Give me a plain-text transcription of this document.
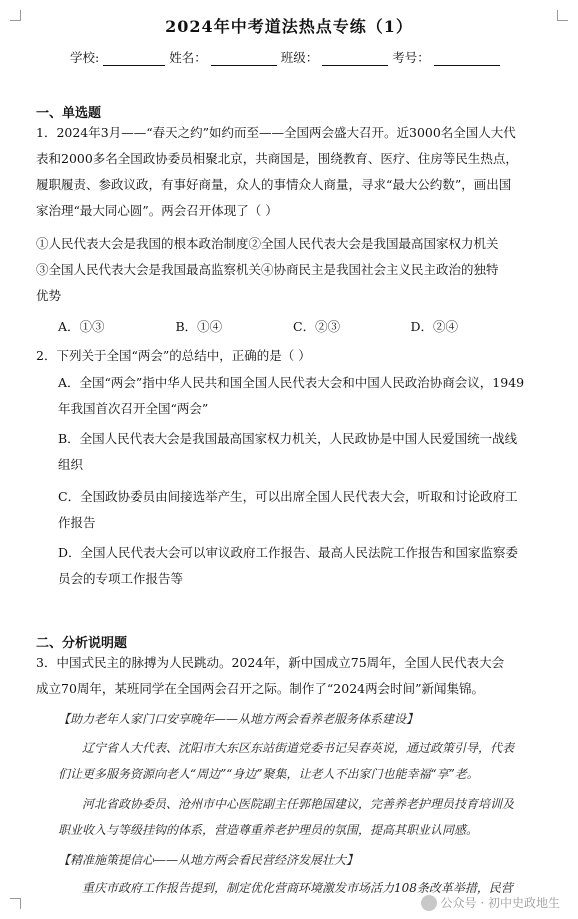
2024年中考道法热点专练（1）
学校:	姓名：	班级：	考号：
一、单选题
1．2024年3月——“春天之约”如约而至——全国两会盛大召开。近3000名全国人大代
表和2000多名全国政协委员相聚北京，共商国是，围绕教育、医疗、住房等民生热点，
履职履责、参政议政，有事好商量，众人的事情众人商量，寻求“最大公约数”，画出国
家治理“最大同心圆”。两会召开体现了（ ）
①人民代表大会是我国的根本政治制度②全国人民代表大会是我国最高国家权力机关
③全国人民代表大会是我国最高监察机关④协商民主是我国社会主义民主政治的独特
优势
A．①③	B．①④	C．②③	D．②④
2．下列关于全国“两会”的总结中，正确的是（ ）
A．全国“两会”指中华人民共和国全国人民代表大会和中国人民政治协商会议，1949
年我国首次召开全国“两会”
B．全国人民代表大会是我国最高国家权力机关，人民政协是中国人民爱国统一战线
组织
C．全国政协委员由间接选举产生，可以出席全国人民代表大会，听取和讨论政府工
作报告
D．全国人民代表大会可以审议政府工作报告、最高人民法院工作报告和国家监察委
员会的专项工作报告等
二、分析说明题
3．中国式民主的脉搏为人民跳动。2024年，新中国成立75周年，全国人民代表大会
成立70周年，某班同学在全国两会召开之际。制作了“2024两会时间”新闻集锦。
【助力老年人家门口安享晚年——从地方两会看养老服务体系建设】
辽宁省人大代表、沈阳市大东区东站街道党委书记吴春英说，通过政策引导，代表
们让更多服务资源向老人“周边”“身边”聚集，让老人不出家门也能幸福“享”老。
河北省政协委员、沧州市中心医院副主任郭艳国建议，完善养老护理员技育培训及
职业收入与等级挂钩的体系，营造尊重养老护理员的氛围，提高其职业认同感。
【精准施策提信心——从地方两会看民营经济发展壮大】
重庆市政府工作报告提到，制定优化营商环境激发市场活力108条改革举措，民营
公众号 · 初中史政地生
